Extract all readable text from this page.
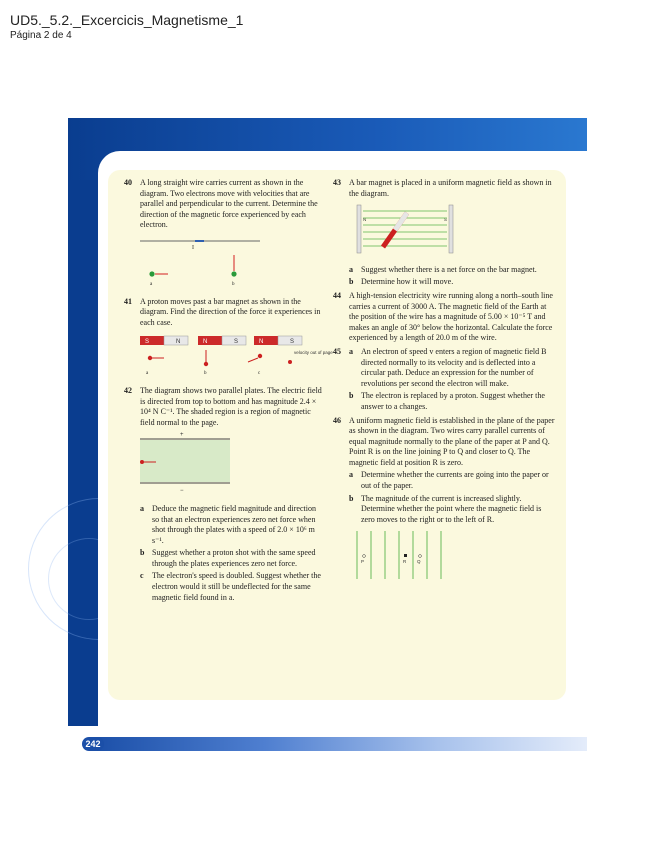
UD5._5.2._Excercicis_Magnetisme_1
Página 2 de 4
242
40 A long straight wire carries current as shown in the diagram. Two electrons move with velocities that are parallel and perpendicular to the current. Determine the direction of the magnetic force experienced by each electron.
I
a	b
41 A proton moves past a bar magnet as shown in the diagram. Find the direction of the force it experiences in each case.
S	N	N	S	N	S
velocity out of page
a	b	c
42 The diagram shows two parallel plates. The electric field is directed from top to bottom and has magnitude 2.4 × 10⁴ N C⁻¹. The shaded region is a region of magnetic field normal to the page.
+
−
a Deduce the magnetic field magnitude and direction so that an electron experiences zero net force when shot through the plates with a speed of 2.0 × 10⁶ m s⁻¹.
b Suggest whether a proton shot with the same speed through the plates experiences zero net force.
c The electron's speed is doubled. Suggest whether the electron would it still be undeflected for the same magnetic field found in a.
43 A bar magnet is placed in a uniform magnetic field as shown in the diagram.
N	S
a Suggest whether there is a net force on the bar magnet.
b Determine how it will move.
44 A high-tension electricity wire running along a north–south line carries a current of 3000 A. The magnetic field of the Earth at the position of the wire has a magnitude of 5.00 × 10⁻⁵ T and makes an angle of 30° below the horizontal. Calculate the force experienced by a length of 20.0 m of the wire.
45 a An electron of speed v enters a region of magnetic field B directed normally to its velocity and is deflected into a circular path. Deduce an expression for the number of revolutions per second the electron will make.
b The electron is replaced by a proton. Suggest whether the answer to a changes.
46 A uniform magnetic field is established in the plane of the paper as shown in the diagram. Two wires carry parallel currents of equal magnitude normally to the plane of the paper at P and Q. Point R is on the line joining P to Q and closer to Q. The magnetic field at position R is zero.
a Determine whether the currents are going into the paper or out of the paper.
b The magnitude of the current is increased slightly. Determine whether the point where the magnetic field is zero moves to the right or to the left of R.
P	R Q
